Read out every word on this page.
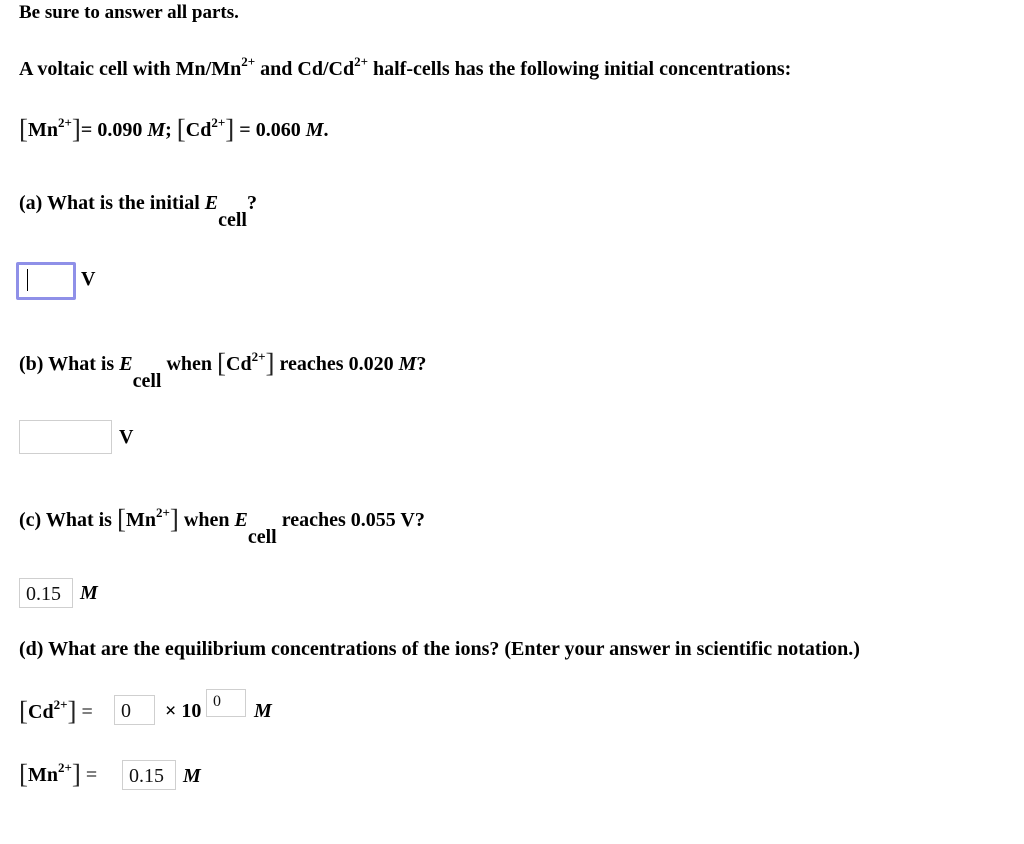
Be sure to answer all parts.
A voltaic cell with $Mn/Mn^{2+}$ and $Cd/Cd^{2+}$ half-cells has the following initial concentrations:
$[Mn^{2+}]= 0.090$ M; $[Cd^{2+}] = 0.060$ M.
(a) What is the initial Ecell?
V
(b) What is Ecell when $[Cd^{2+}]$ reaches 0.020 M?
V
(c) What is $[Mn^{2+}]$ when Ecell reaches 0.055 V?
0.15 M
(d) What are the equilibrium concentrations of the ions? (Enter your answer in scientific notation.)
$[Cd^{2+}]$ =	0	× 10 0	M
$[Mn^{2+}]$ =	0.15 M
